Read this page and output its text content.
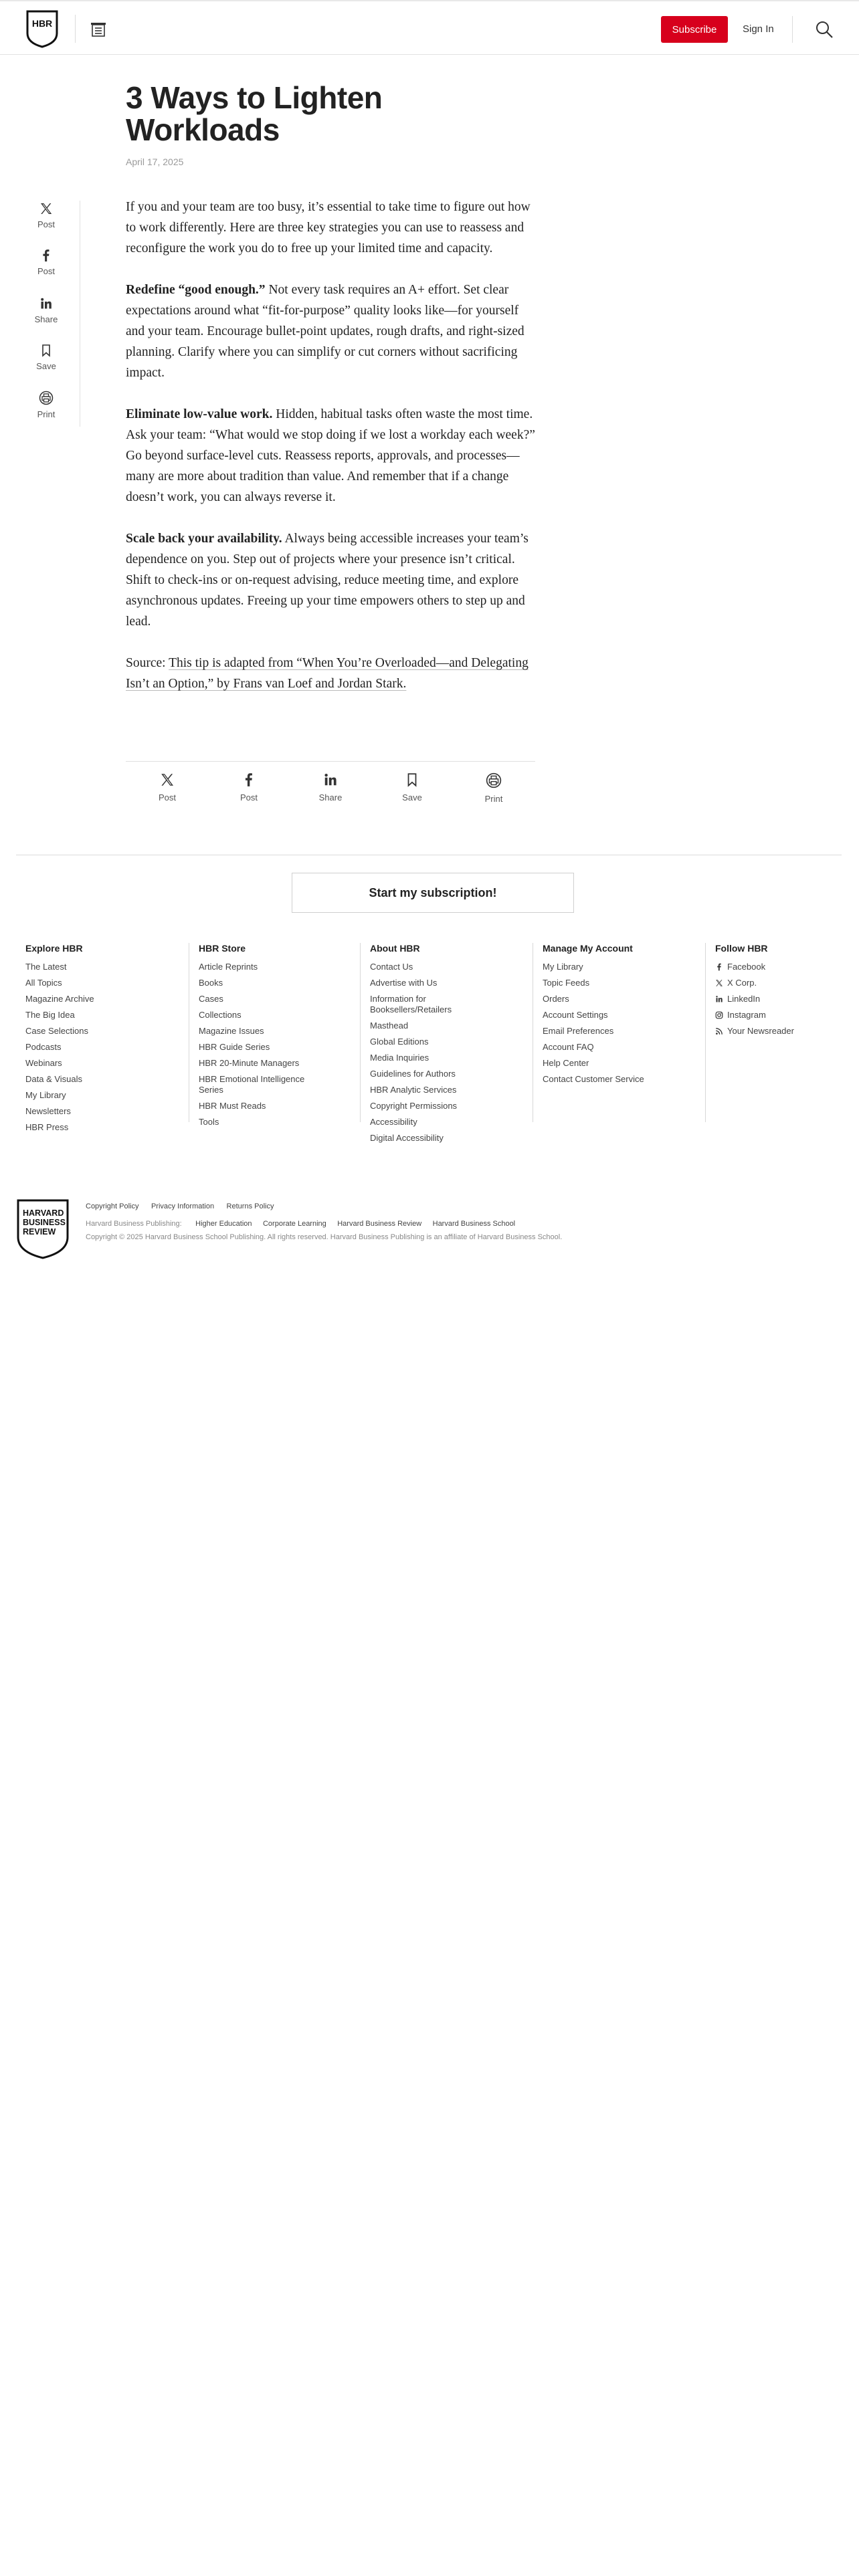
HBR
Subscribe	Sign In
3 Ways to Lighten Workloads
April 17, 2025
Post
Post
Share
Save
Print

If you and your team are too busy, it’s essential to take time to figure out how to work differently. Here are three key strategies you can use to reassess and reconfigure the work you do to free up your limited time and capacity.

Redefine “good enough.” Not every task requires an A+ effort. Set clear expectations around what “fit-for-purpose” quality looks like—for yourself and your team. Encourage bullet-point updates, rough drafts, and right-sized planning. Clarify where you can simplify or cut corners without sacrificing impact.

Eliminate low-value work. Hidden, habitual tasks often waste the most time. Ask your team: “What would we stop doing if we lost a workday each week?” Go beyond surface-level cuts. Reassess reports, approvals, and processes—many are more about tradition than value. And remember that if a change doesn’t work, you can always reverse it.

Scale back your availability. Always being accessible increases your team’s dependence on you. Step out of projects where your presence isn’t critical. Shift to check-ins or on-request advising, reduce meeting time, and explore asynchronous updates. Freeing up your time empowers others to step up and lead.

Source: This tip is adapted from “When You’re Overloaded—and Delegating Isn’t an Option,” by Frans van Loef and Jordan Stark.

Post	Post	Share	Save	Print
Start my subscription!
Explore HBR
The Latest
All Topics
Magazine Archive
The Big Idea
Case Selections
Podcasts
Webinars
Data & Visuals
My Library
Newsletters
HBR Press
HBR Store
Article Reprints
Books
Cases
Collections
Magazine Issues
HBR Guide Series
HBR 20-Minute Managers
HBR Emotional Intelligence Series
HBR Must Reads
Tools
About HBR
Contact Us
Advertise with Us
Information for Booksellers/Retailers
Masthead
Global Editions
Media Inquiries
Guidelines for Authors
HBR Analytic Services
Copyright Permissions
Accessibility
Digital Accessibility
Manage My Account
My Library
Topic Feeds
Orders
Account Settings
Email Preferences
Account FAQ
Help Center
Contact Customer Service
Follow HBR
Facebook
X Corp.
LinkedIn
Instagram
Your Newsreader
HARVARD
BUSINESS
REVIEW
Copyright Policy Privacy Information Returns Policy
Harvard Business Publishing: Higher Education Corporate Learning Harvard Business Review Harvard Business School
Copyright © 2025 Harvard Business School Publishing. All rights reserved. Harvard Business Publishing is an affiliate of Harvard Business School.
